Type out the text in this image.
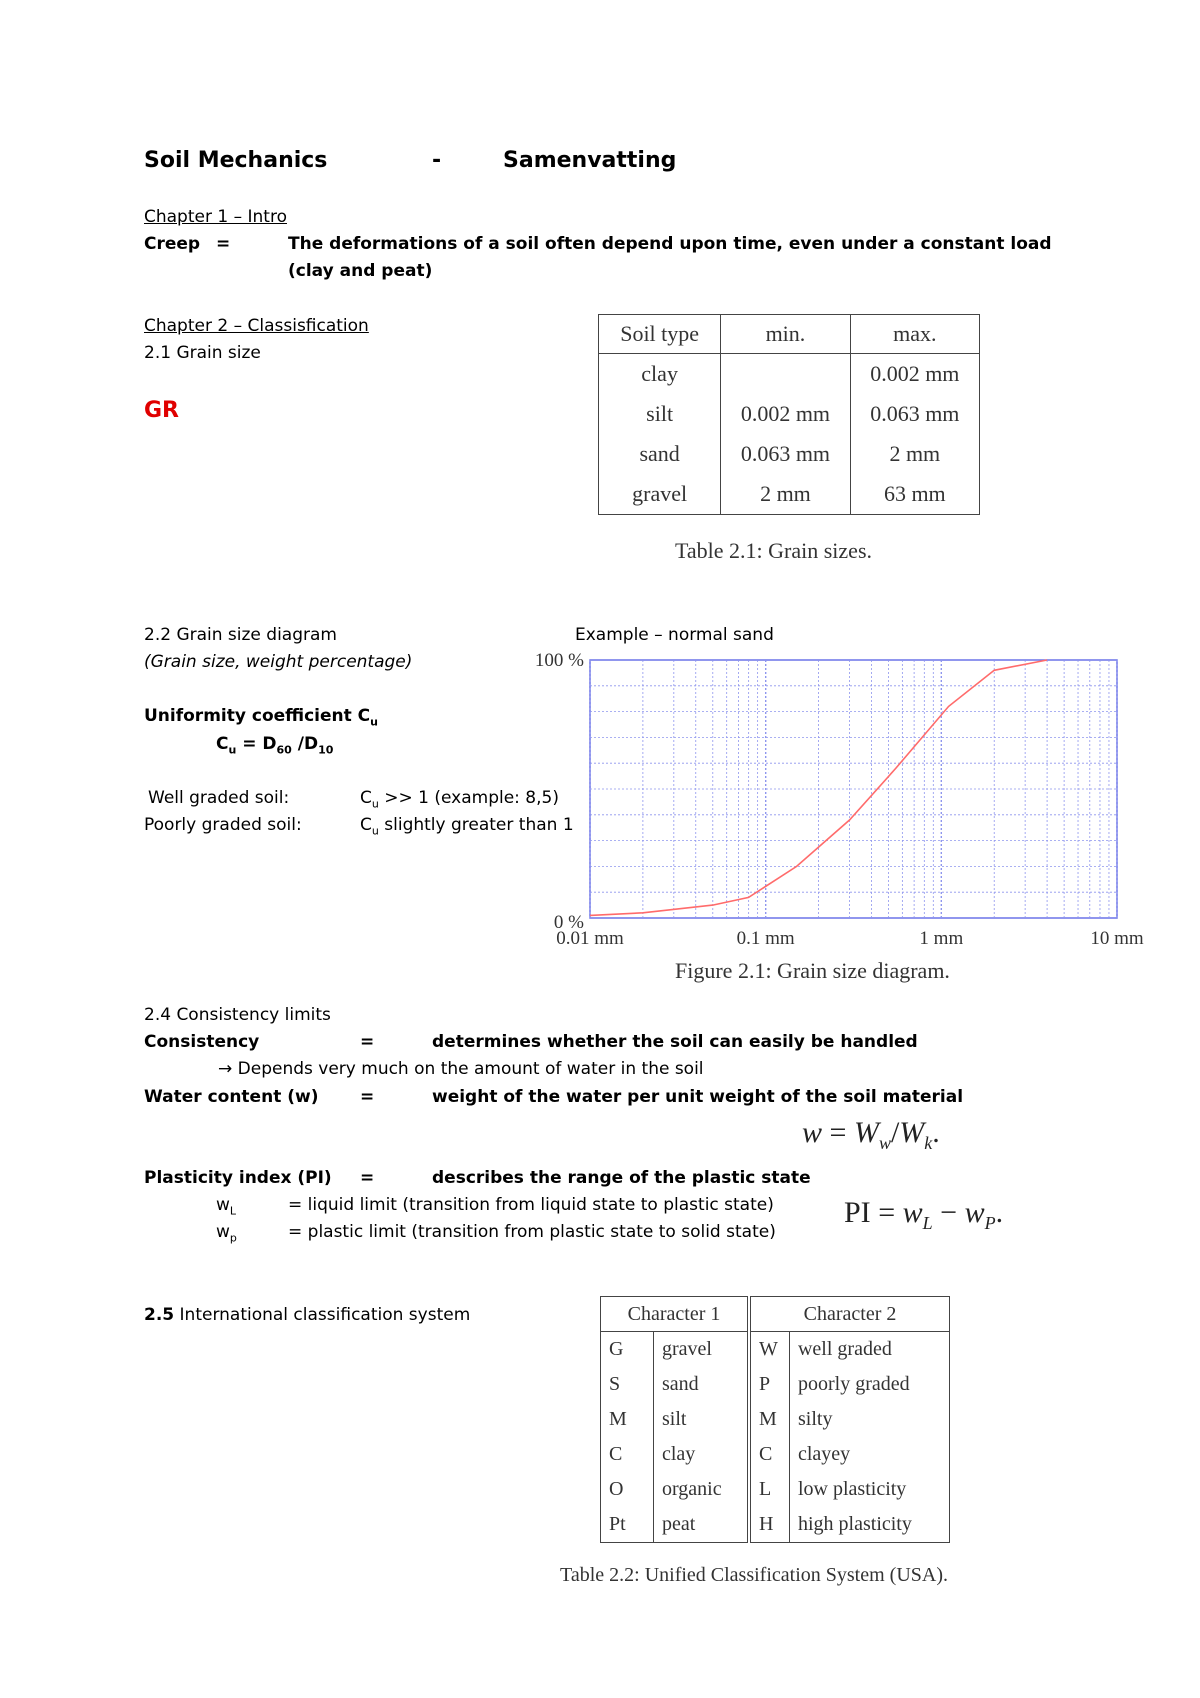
Soil Mechanics	-	Samenvatting
Chapter 1 – Intro
Creep =	The deformations of a soil often depend upon time, even under a constant load
(clay and peat)
Chapter 2 – Classisfication
2.1 Grain size
GR
Soil type	min.	max.
clay		0.002 mm
silt	0.002 mm	0.063 mm
sand	0.063 mm	2 mm
gravel	2 mm	63 mm
Table 2.1: Grain sizes.
2.2 Grain size diagram
(Grain size, weight percentage)
Example – normal sand
Uniformity coefficient $C_u$
$C_u = D_{60}$ $/D_{10}$
Well graded soil:	$C_u >> 1$ (example: 8,5)
Poorly graded soil:	$C_u$ slightly greater than 1
0.01 mm	0.1 mm	1 mm	10 mm
0 %
100 %
Figure 2.1: Grain size diagram.
2.4 Consistency limits
Consistency	=	determines whether the soil can easily be handled
→ Depends very much on the amount of water in the soil
Water content (w) =	weight of the water per unit weight of the soil material
$w = W_w/W_k$.
Plasticity index (PI) =	describes the range of the plastic state
$w_L$	= liquid limit (transition from liquid state to plastic state)
$w_p$	= plastic limit (transition from plastic state to solid state)
PI = $w_L - w_P$.
2.5 International classification system	Character 1		Character 2	
G	gravel	W	well graded
S	sand	P	poorly graded
M	silt	M	silty
C	clay	C	clayey
O	organic	L	low plasticity
Pt	peat	H	high plasticity
Table 2.2: Unified Classification System (USA).
